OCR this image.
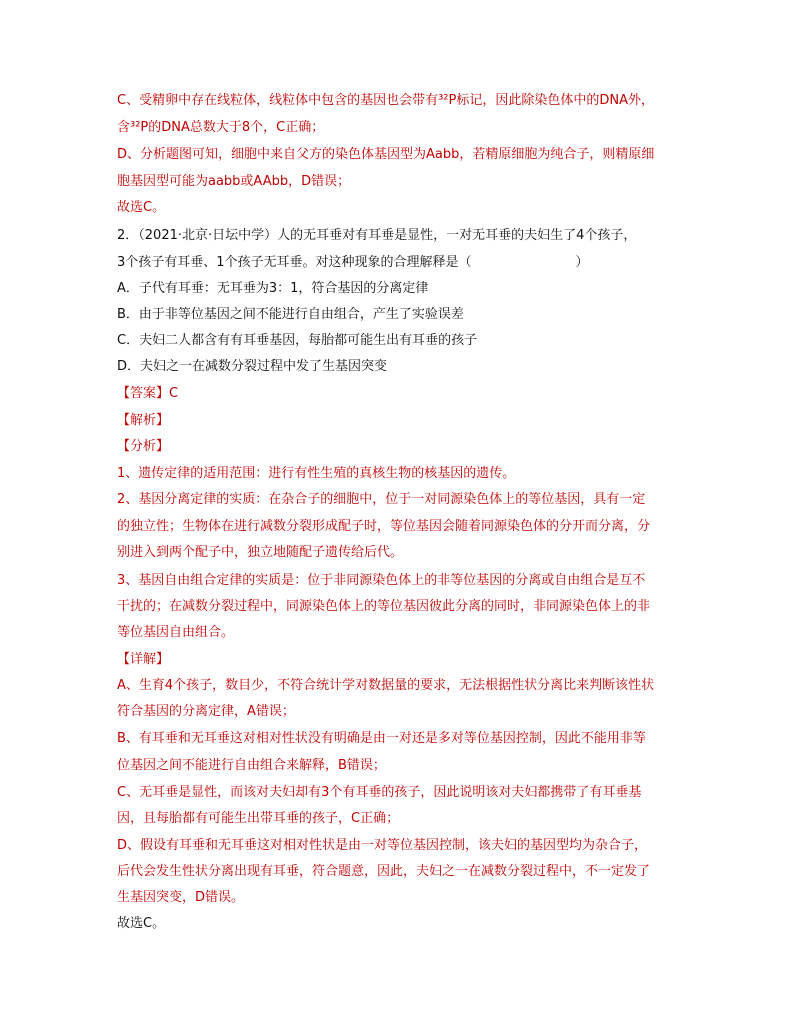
C、受精卵中存在线粒体，线粒体中包含的基因也会带有³²P标记，因此除染色体中的DNA外，
含³²P的DNA总数大于8个，C正确；
D、分析题图可知，细胞中来自父方的染色体基因型为Aabb，若精原细胞为纯合子，则精原细
胞基因型可能为aabb或AAbb，D错误；
故选C。
2．（2021·北京·日坛中学）人的无耳垂对有耳垂是显性，一对无耳垂的夫妇生了4个孩子，
3个孩子有耳垂、1个孩子无耳垂。对这种现象的合理解释是（	）
A．子代有耳垂：无耳垂为3：1，符合基因的分离定律
B．由于非等位基因之间不能进行自由组合，产生了实验误差
C．夫妇二人都含有有耳垂基因，每胎都可能生出有耳垂的孩子
D．夫妇之一在减数分裂过程中发了生基因突变
【答案】C
【解析】
【分析】
1、遗传定律的适用范围：进行有性生殖的真核生物的核基因的遗传。
2、基因分离定律的实质：在杂合子的细胞中，位于一对同源染色体上的等位基因，具有一定
的独立性；生物体在进行减数分裂形成配子时，等位基因会随着同源染色体的分开而分离，分
别进入到两个配子中，独立地随配子遗传给后代。
3、基因自由组合定律的实质是：位于非同源染色体上的非等位基因的分离或自由组合是互不
干扰的；在减数分裂过程中，同源染色体上的等位基因彼此分离的同时，非同源染色体上的非
等位基因自由组合。
【详解】
A、生育4个孩子，数目少，不符合统计学对数据量的要求，无法根据性状分离比来判断该性状
符合基因的分离定律，A错误；
B、有耳垂和无耳垂这对相对性状没有明确是由一对还是多对等位基因控制，因此不能用非等
位基因之间不能进行自由组合来解释，B错误；
C、无耳垂是显性，而该对夫妇却有3个有耳垂的孩子，因此说明该对夫妇都携带了有耳垂基
因，且每胎都有可能生出带耳垂的孩子，C正确；
D、假设有耳垂和无耳垂这对相对性状是由一对等位基因控制，该夫妇的基因型均为杂合子，
后代会发生性状分离出现有耳垂，符合题意，因此，夫妇之一在减数分裂过程中，不一定发了
生基因突变，D错误。
故选C。
